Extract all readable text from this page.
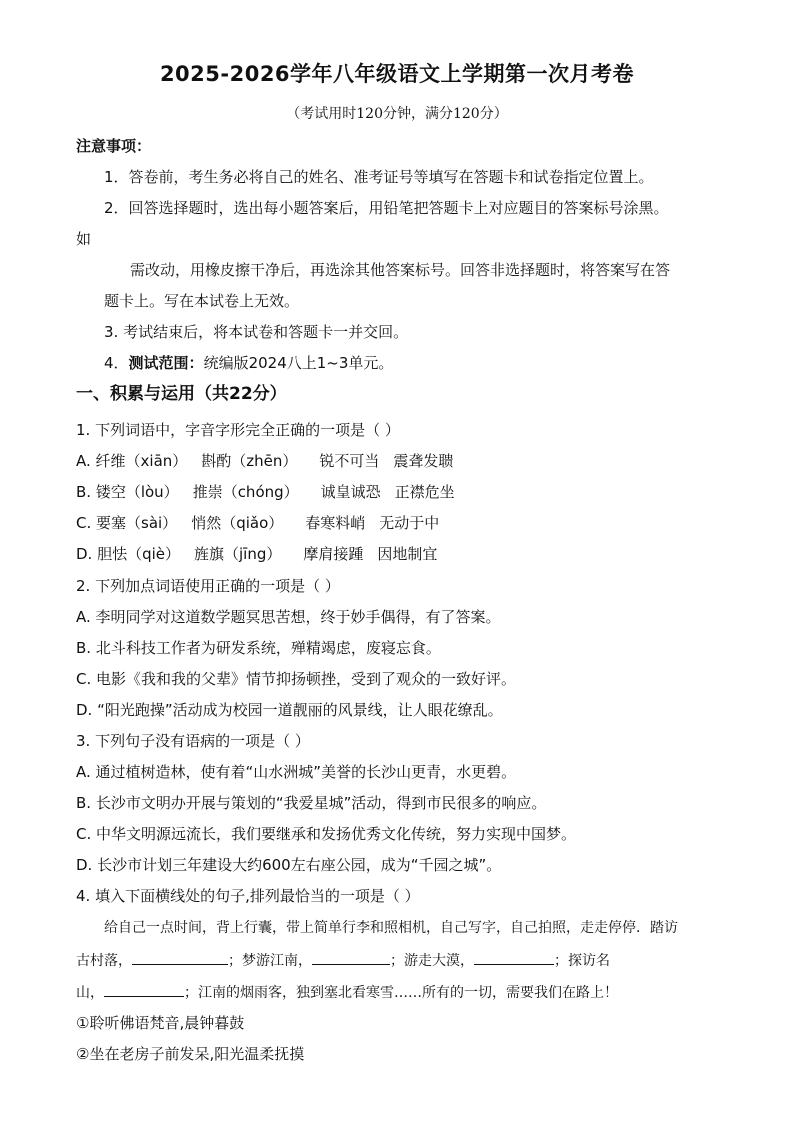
2025-2026学年八年级语文上学期第一次月考卷
（考试用时120分钟，满分120分）
注意事项：
1．答卷前，考生务必将自己的姓名、准考证号等填写在答题卡和试卷指定位置上。
2．回答选择题时，选出每小题答案后，用铅笔把答题卡上对应题目的答案标号涂黑。
如
需改动，用橡皮擦干净后，再选涂其他答案标号。回答非选择题时，将答案写在答
题卡上。写在本试卷上无效。
3. 考试结束后，将本试卷和答题卡一并交回。
4．测试范围：统编版2024八上1~3单元。
一、积累与运用（共22分）
1. 下列词语中，字音字形完全正确的一项是（ ）
A. 纤维（xiān） 斟酌（zhēn） 锐不可当 震聋发聩
B. 镂空（lòu） 推崇（chóng） 诚皇诚恐 正襟危坐
C. 要塞（sài） 悄然（qiǎo） 春寒料峭 无动于中
D. 胆怯（qiè） 旌旗（jīng） 摩肩接踵 因地制宜
2. 下列加点词语使用正确的一项是（ ）
A. 李明同学对这道数学题冥思苦想，终于妙手偶得，有了答案。
B. 北斗科技工作者为研发系统，殚精竭虑，废寝忘食。
C. 电影《我和我的父辈》情节抑扬顿挫，受到了观众的一致好评。
D. “阳光跑操”活动成为校园一道靓丽的风景线，让人眼花缭乱。
3. 下列句子没有语病的一项是（ ）
A. 通过植树造林，使有着“山水洲城”美誉的长沙山更青，水更碧。
B. 长沙市文明办开展与策划的“我爱星城”活动，得到市民很多的响应。
C. 中华文明源远流长，我们要继承和发扬优秀文化传统，努力实现中国梦。
D. 长沙市计划三年建设大约600左右座公园，成为“千园之城”。
4. 填入下面横线处的句子,排列最恰当的一项是（ ）
给自己一点时间，背上行囊，带上简单行李和照相机，自己写字，自己拍照，走走停停．踏访
古村落，	；梦游江南，	；游走大漠，	；探访名
山，	；江南的烟雨客，独到塞北看寒雪……所有的一切，需要我们在路上！
①聆听佛语梵音,晨钟暮鼓
②坐在老房子前发呆,阳光温柔抚摸
